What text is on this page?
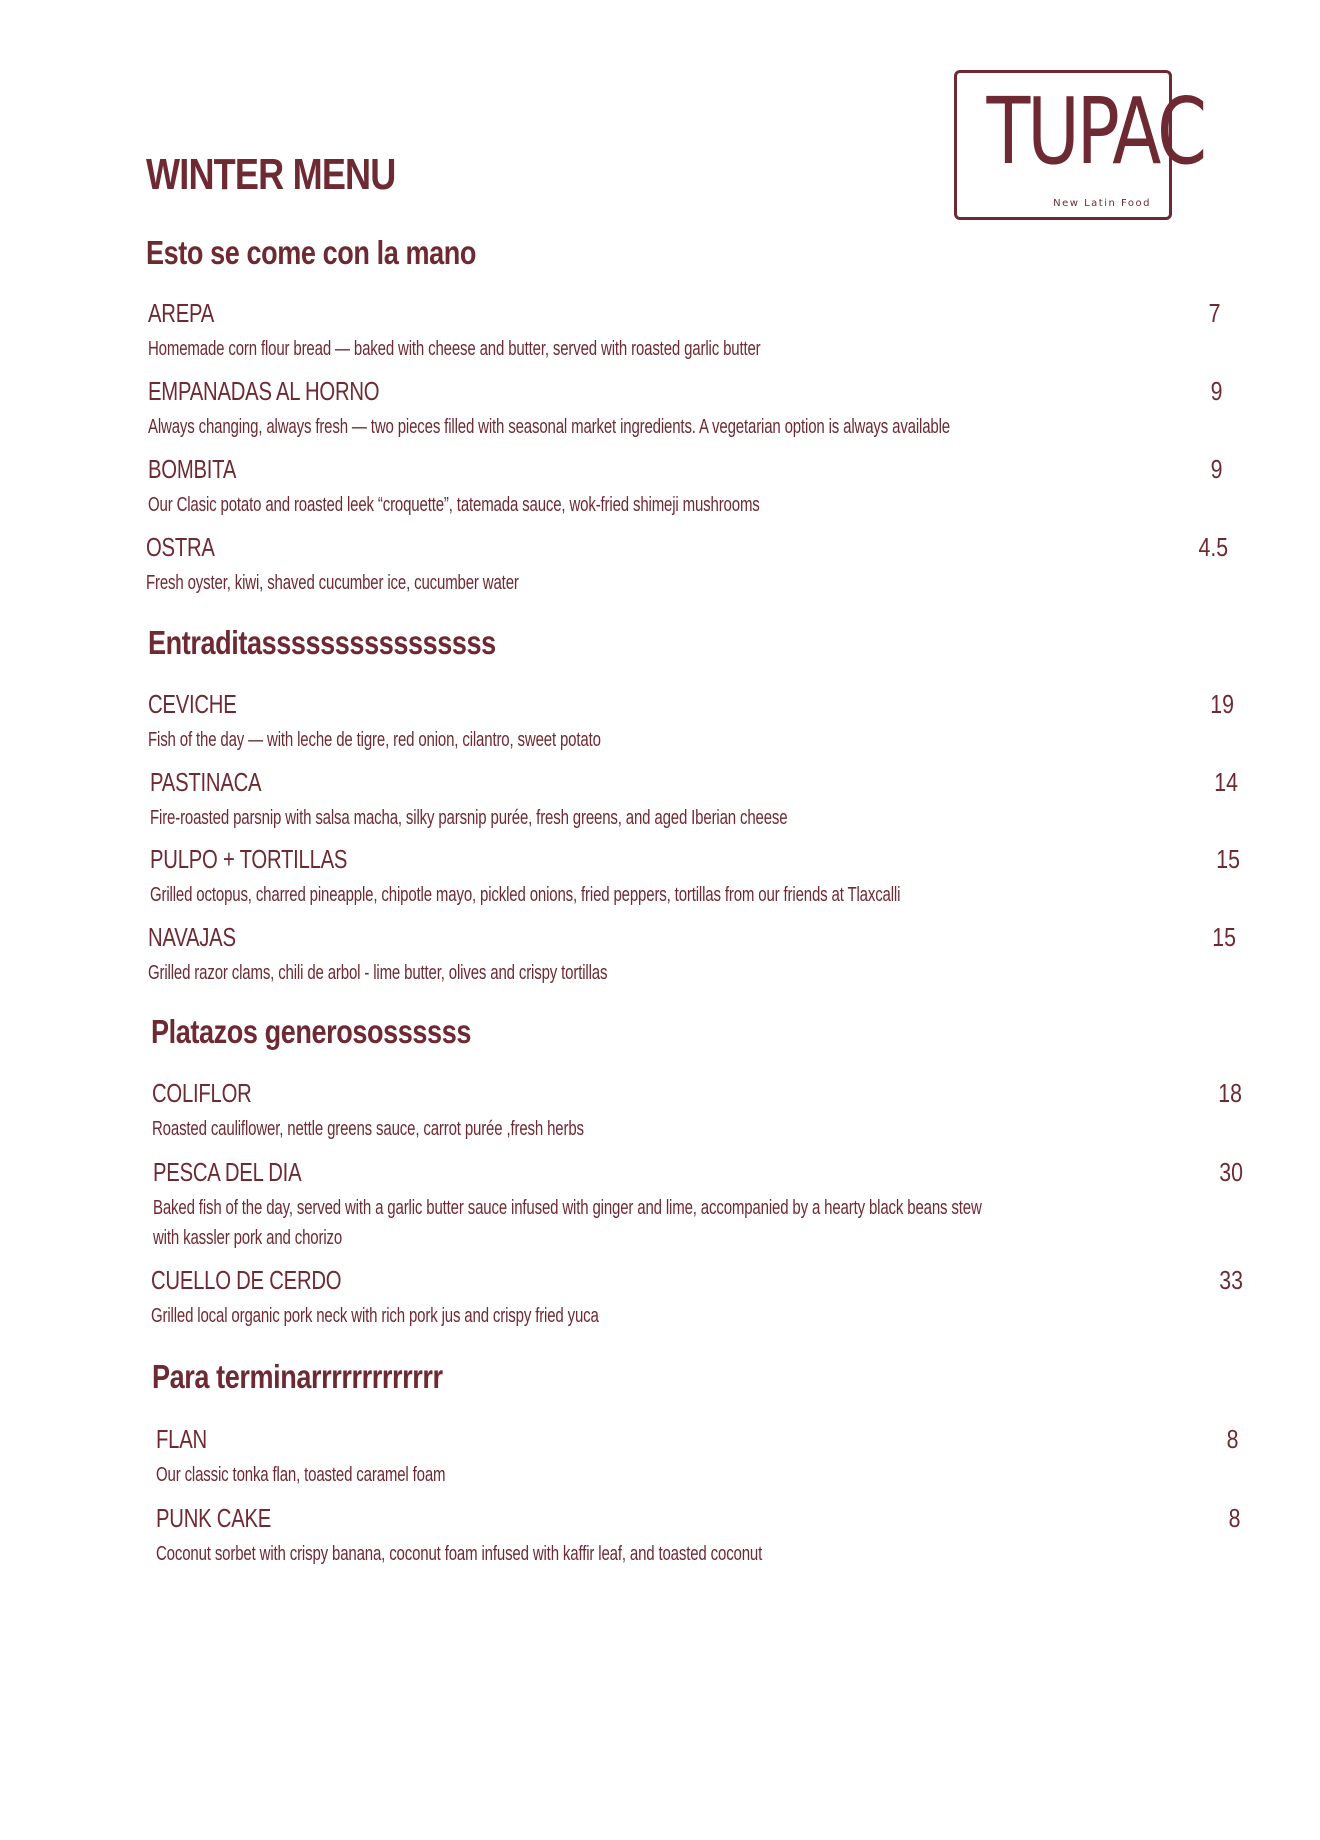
WINTER MENU	TUPAC
New Latin Food
Esto se come con la mano
AREPA	7
Homemade corn flour bread — baked with cheese and butter, served with roasted garlic butter
EMPANADAS AL HORNO	9
Always changing, always fresh — two pieces filled with seasonal market ingredients. A vegetarian option is always available
BOMBITA	9
Our Clasic potato and roasted leek “croquette”, tatemada sauce, wok-fried shimeji mushrooms
OSTRA	4.5
Fresh oyster, kiwi, shaved cucumber ice, cucumber water
Entraditassssssssssssssss
CEVICHE	19
Fish of the day — with leche de tigre, red onion, cilantro, sweet potato
PASTINACA	14
Fire-roasted parsnip with salsa macha, silky parsnip purée, fresh greens, and aged Iberian cheese
PULPO + TORTILLAS	15
Grilled octopus, charred pineapple, chipotle mayo, pickled onions, fried peppers, tortillas from our friends at Tlaxcalli
NAVAJAS	15
Grilled razor clams, chili de arbol - lime butter, olives and crispy tortillas
Platazos generosossssss
COLIFLOR	18
Roasted cauliflower, nettle greens sauce, carrot purée ,fresh herbs
PESCA DEL DIA	30
Baked fish of the day, served with a garlic butter sauce infused with ginger and lime, accompanied by a hearty black beans stew with kassler pork and chorizo
CUELLO DE CERDO	33
Grilled local organic pork neck with rich pork jus and crispy fried yuca
Para terminarrrrrrrrrrrrr
FLAN	8
Our classic tonka flan, toasted caramel foam
PUNK CAKE	8
Coconut sorbet with crispy banana, coconut foam infused with kaffir leaf, and toasted coconut
